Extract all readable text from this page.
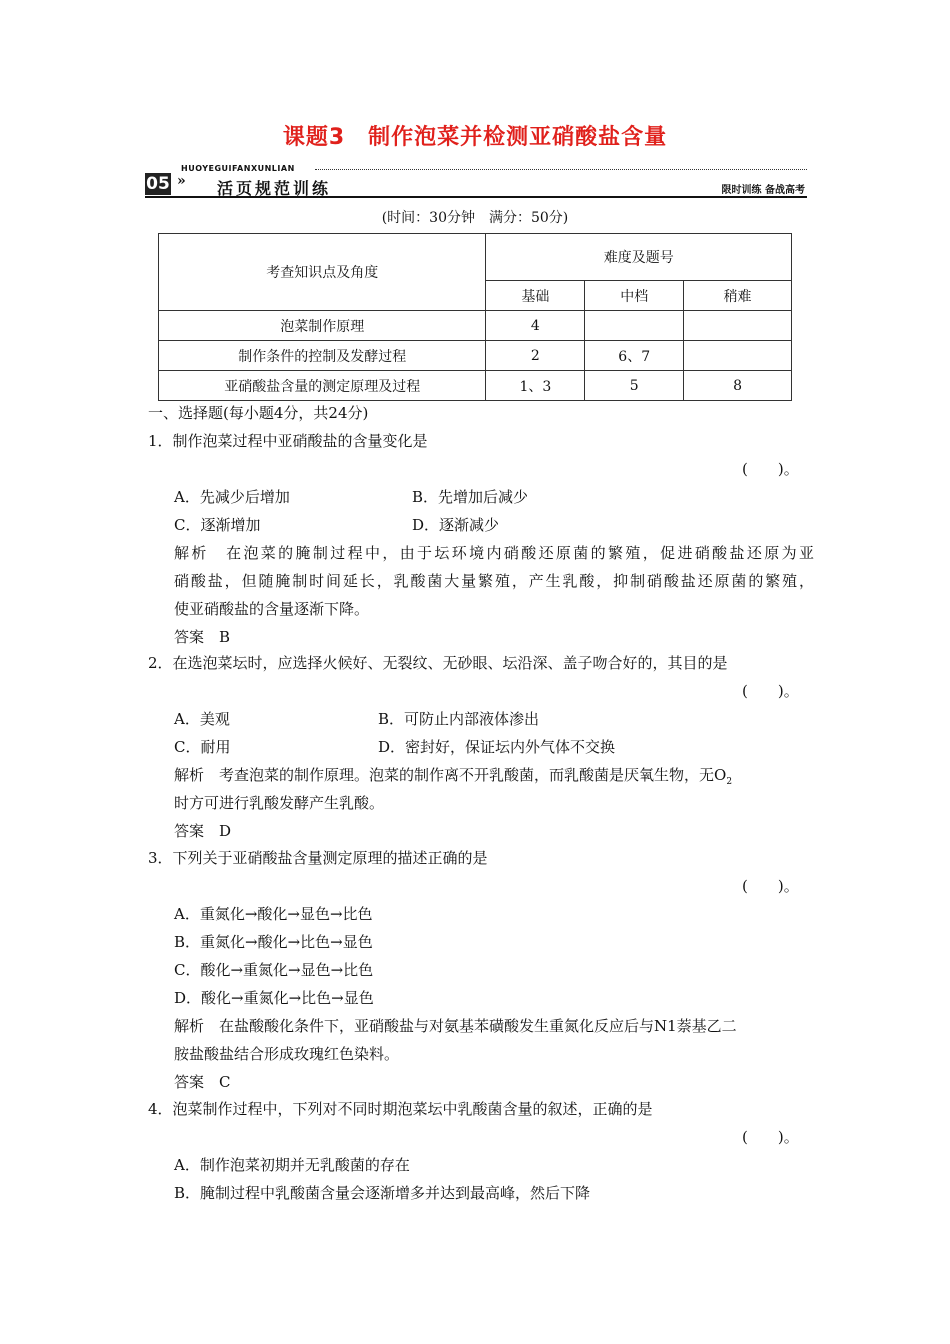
课题3　制作泡菜并检测亚硝酸盐含量
HUOYEGUIFANXUNLIAN
05 » 活页规范训练	限时训练 备战高考
(时间：30分钟　满分：50分)
考查知识点及角度	难度及题号		
	基础	中档	稍难
泡菜制作原理	4		
制作条件的控制及发酵过程	2	6、7	
亚硝酸盐含量的测定原理及过程	1、3	5	8
一、选择题(每小题4分，共24分)
1．制作泡菜过程中亚硝酸盐的含量变化是
(　　)。
A．先减少后增加	B．先增加后减少
C．逐渐增加	D．逐渐减少
解析　在泡菜的腌制过程中，由于坛环境内硝酸还原菌的繁殖，促进硝酸盐还原为亚
硝酸盐，但随腌制时间延长，乳酸菌大量繁殖，产生乳酸，抑制硝酸盐还原菌的繁殖，
使亚硝酸盐的含量逐渐下降。
答案　B
2．在选泡菜坛时，应选择火候好、无裂纹、无砂眼、坛沿深、盖子吻合好的，其目的是
(　　)。
A．美观	B．可防止内部液体渗出
C．耐用	D．密封好，保证坛内外气体不交换
解析　考查泡菜的制作原理。泡菜的制作离不开乳酸菌，而乳酸菌是厌氧生物，无$O_2$
时方可进行乳酸发酵产生乳酸。
答案　D
3．下列关于亚硝酸盐含量测定原理的描述正确的是
(　　)。
A．重氮化→酸化→显色→比色
B．重氮化→酸化→比色→显色
C．酸化→重氮化→显色→比色
D．酸化→重氮化→比色→显色
解析　在盐酸酸化条件下，亚硝酸盐与对氨基苯磺酸发生重氮化反应后与N1萘基乙二
胺盐酸盐结合形成玫瑰红色染料。
答案　C
4．泡菜制作过程中，下列对不同时期泡菜坛中乳酸菌含量的叙述，正确的是
(　　)。
A．制作泡菜初期并无乳酸菌的存在
B．腌制过程中乳酸菌含量会逐渐增多并达到最高峰，然后下降
